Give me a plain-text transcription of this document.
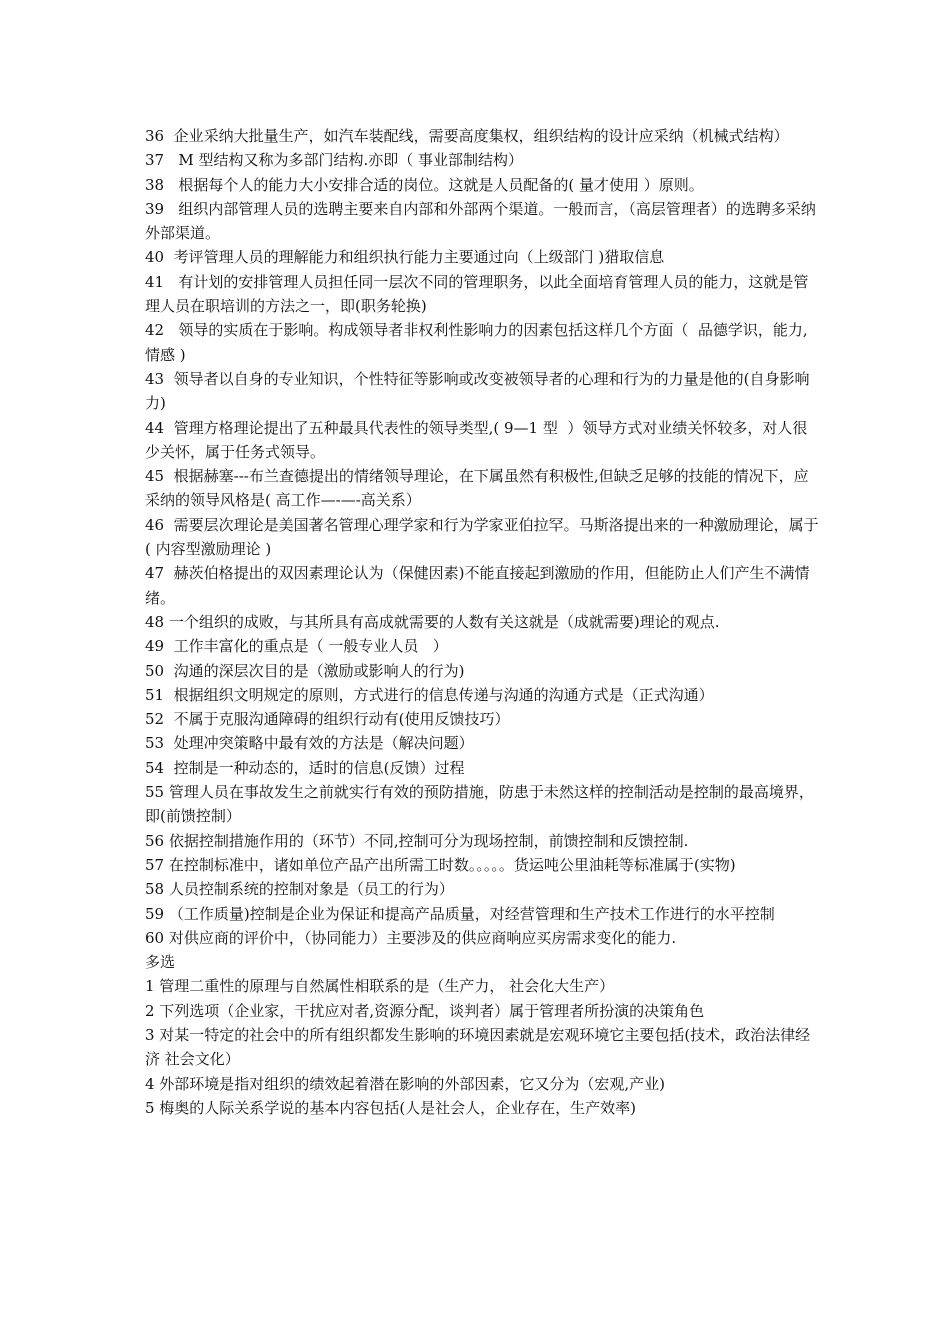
36  企业采纳大批量生产，如汽车装配线，需要高度集权，组织结构的设计应采纳（机械式结构）

37   M 型结构又称为多部门结构.亦即（ 事业部制结构）

38   根据每个人的能力大小安排合适的岗位。这就是人员配备的( 量才使用 ）原则。

39   组织内部管理人员的选聘主要来自内部和外部两个渠道。一般而言，（高层管理者）的选聘多采纳外部渠道。

40  考评管理人员的理解能力和组织执行能力主要通过向（上级部门 )猎取信息

41   有计划的安排管理人员担任同一层次不同的管理职务，以此全面培育管理人员的能力，这就是管理人员在职培训的方法之一，即(职务轮换)

42   领导的实质在于影响。构成领导者非权利性影响力的因素包括这样几个方面（  品德学识，能力,情感 )

43  领导者以自身的专业知识，个性特征等影响或改变被领导者的心理和行为的力量是他的(自身影响力)

44  管理方格理论提出了五种最具代表性的领导类型,( 9—1 型  ）领导方式对业绩关怀较多，对人很少关怀，属于任务式领导。

45  根据赫塞---布兰查德提出的情绪领导理论，在下属虽然有积极性,但缺乏足够的技能的情况下，应采纳的领导风格是( 高工作—-—-高关系）

46  需要层次理论是美国著名管理心理学家和行为学家亚伯拉罕。马斯洛提出来的一种激励理论，属于( 内容型激励理论 )

47  赫茨伯格提出的双因素理论认为（保健因素)不能直接起到激励的作用，但能防止人们产生不满情绪。

48 一个组织的成败，与其所具有高成就需要的人数有关这就是（成就需要)理论的观点.

49  工作丰富化的重点是（ 一般专业人员   ）

50  沟通的深层次目的是（激励或影响人的行为)

51  根据组织文明规定的原则，方式进行的信息传递与沟通的沟通方式是（正式沟通）

52  不属于克服沟通障碍的组织行动有(使用反馈技巧）

53  处理冲突策略中最有效的方法是（解决问题）

54  控制是一种动态的，适时的信息(反馈）过程

55 管理人员在事故发生之前就实行有效的预防措施，防患于未然这样的控制活动是控制的最高境界，即(前馈控制）

56 依据控制措施作用的（环节）不同,控制可分为现场控制，前馈控制和反馈控制.

57 在控制标准中，诸如单位产品产出所需工时数。。。。。货运吨公里油耗等标准属于(实物)

58 人员控制系统的控制对象是（员工的行为）

59 （工作质量)控制是企业为保证和提高产品质量，对经营管理和生产技术工作进行的水平控制

60 对供应商的评价中，（协同能力）主要涉及的供应商响应买房需求变化的能力.

多选

1 管理二重性的原理与自然属性相联系的是（生产力， 社会化大生产）

2 下列选项（企业家，干扰应对者,资源分配，谈判者）属于管理者所扮演的决策角色

3 对某一特定的社会中的所有组织都发生影响的环境因素就是宏观环境它主要包括(技术，政治法律经济 社会文化）

4 外部环境是指对组织的绩效起着潜在影响的外部因素，它又分为（宏观,产业)

5 梅奥的人际关系学说的基本内容包括(人是社会人，企业存在，生产效率)
